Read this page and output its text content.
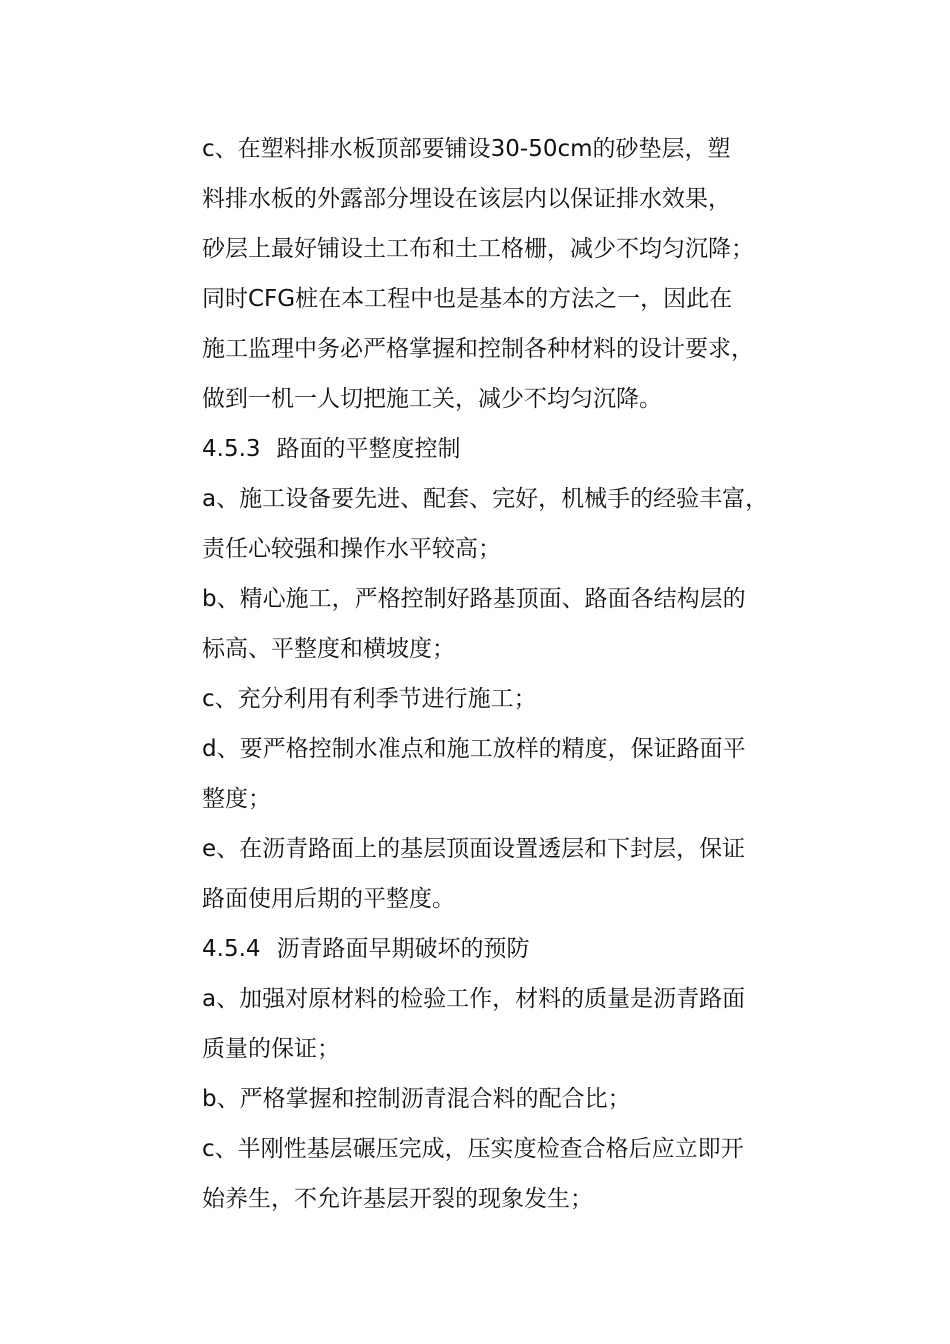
c、在塑料排水板顶部要铺设30-50cm的砂垫层，塑
料排水板的外露部分埋设在该层内以保证排水效果，
砂层上最好铺设土工布和土工格栅，减少不均匀沉降；
同时CFG桩在本工程中也是基本的方法之一，因此在
施工监理中务必严格掌握和控制各种材料的设计要求，
做到一机一人切把施工关，减少不均匀沉降。
4.5.3 路面的平整度控制
a、施工设备要先进、配套、完好，机械手的经验丰富，
责任心较强和操作水平较高；
b、精心施工，严格控制好路基顶面、路面各结构层的
标高、平整度和横坡度；
c、充分利用有利季节进行施工；
d、要严格控制水准点和施工放样的精度，保证路面平
整度；
e、在沥青路面上的基层顶面设置透层和下封层，保证
路面使用后期的平整度。
4.5.4 沥青路面早期破坏的预防
a、加强对原材料的检验工作，材料的质量是沥青路面
质量的保证；
b、严格掌握和控制沥青混合料的配合比；
c、半刚性基层碾压完成，压实度检查合格后应立即开
始养生，不允许基层开裂的现象发生；
